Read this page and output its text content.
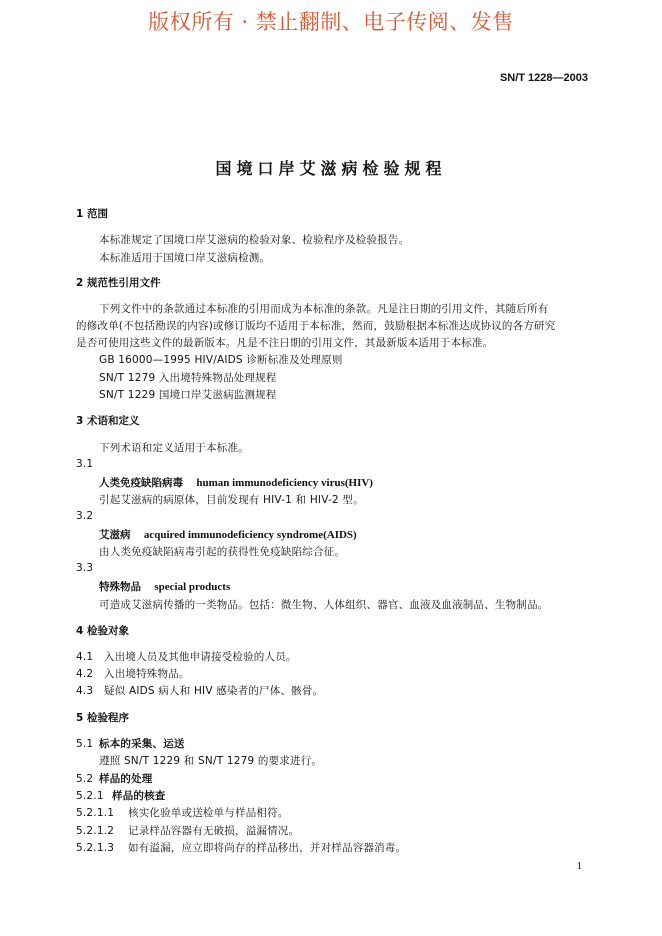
版权所有 · 禁止翻制、电子传阅、发售
SN/T 1228—2003
国境口岸艾滋病检验规程
1 范围
本标准规定了国境口岸艾滋病的检验对象、检验程序及检验报告。
本标准适用于国境口岸艾滋病检测。
2 规范性引用文件
下列文件中的条款通过本标准的引用而成为本标准的条款。凡是注日期的引用文件，其随后所有
的修改单(不包括勘误的内容)或修订版均不适用于本标准，然而，鼓励根据本标准达成协议的各方研究
是否可使用这些文件的最新版本。凡是不注日期的引用文件，其最新版本适用于本标准。
GB 16000—1995 HIV/AIDS 诊断标准及处理原则
SN/T 1279 入出境特殊物品处理规程
SN/T 1229 国境口岸艾滋病监测规程
3 术语和定义
下列术语和定义适用于本标准。
3.1
人类免疫缺陷病毒 human immunodeficiency virus(HIV)
引起艾滋病的病原体，目前发现有 HIV-1 和 HIV-2 型。
3.2
艾滋病 acquired immunodeficiency syndrome(AIDS)
由人类免疫缺陷病毒引起的获得性免疫缺陷综合征。
3.3
特殊物品 special products
可造成艾滋病传播的一类物品。包括：微生物、人体组织、器官、血液及血液制品、生物制品。
4 检验对象
4.1 入出境人员及其他申请接受检验的人员。
4.2 入出境特殊物品。
4.3 疑似 AIDS 病人和 HIV 感染者的尸体、骸骨。
5 检验程序
5.1 标本的采集、运送
遵照 SN/T 1229 和 SN/T 1279 的要求进行。
5.2 样品的处理
5.2.1 样品的核查
5.2.1.1 核实化验单或送检单与样品相符。
5.2.1.2 记录样品容器有无破损，溢漏情况。
5.2.1.3 如有溢漏，应立即将尚存的样品移出，并对样品容器消毒。
1
